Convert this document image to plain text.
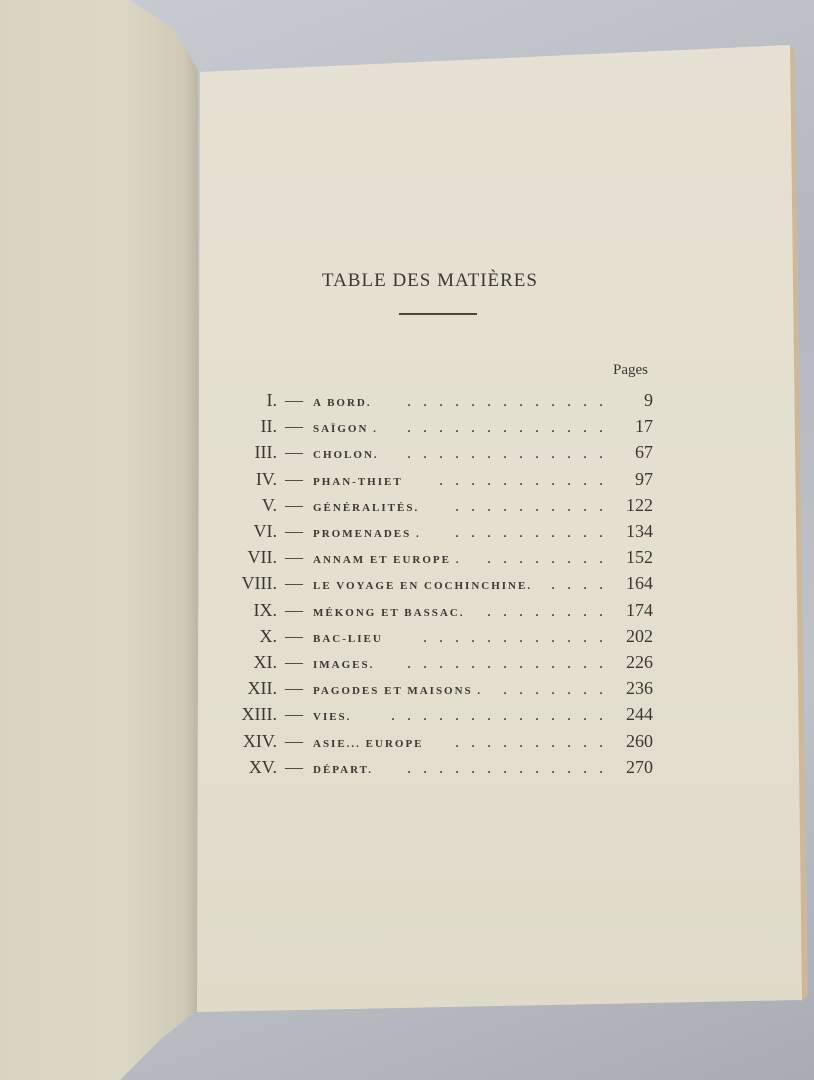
TABLE DES MATIÈRES
Pages
I. — A BORD.	.............	9
II. — SAÏGON .	.............	17
III. — CHOLON.	.............	67
IV. — PHAN-THIET	...........	97
V. — GÉNÉRALITÉS.	.......... 122
VI. — PROMENADES .	.......... 134
VII. — ANNAM ET EUROPE .	........ 152
VIII. — LE VOYAGE EN COCHINCHINE.	.... 164
IX. — MÉKONG ET BASSAC.	........ 174
X. — BAC-LIEU	............ 202
XI. — IMAGES.	............. 226
XII. — PAGODES ET MAISONS .	....... 236
XIII. — VIES.	.............. 244
XIV. — ASIE... EUROPE	.......... 260
XV. — DÉPART.	............. 270
